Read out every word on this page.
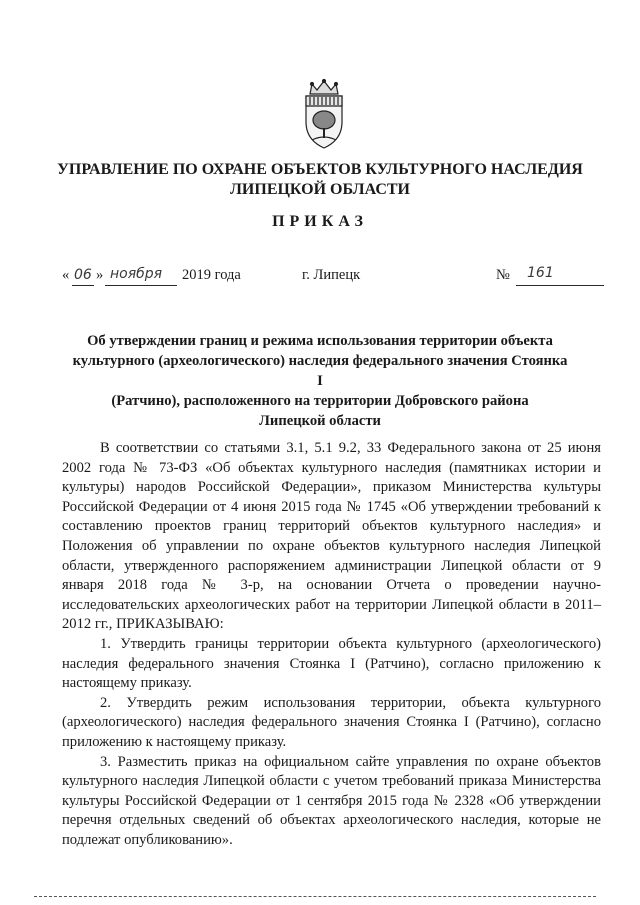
УПРАВЛЕНИЕ ПО ОХРАНЕ ОБЪЕКТОВ КУЛЬТУРНОГО НАСЛЕДИЯ
ЛИПЕЦКОЙ ОБЛАСТИ
ПРИКАЗ
« 06 » ноября 2019 года	г. Липецк	№ 161
Об утверждении границ и режима использования территории объекта
культурного (археологического) наследия федерального значения Стоянка I
(Ратчино), расположенного на территории Добровского района
Липецкой области

В соответствии со статьями 3.1, 5.1 9.2, 33 Федерального закона от 25 июня 2002 года № 73-ФЗ «Об объектах культурного наследия (памятниках истории и культуры) народов Российской Федерации», приказом Министерства культуры Российской Федерации от 4 июня 2015 года № 1745 «Об утверждении требований к составлению проектов границ территорий объектов культурного наследия» и Положения об управлении по охране объектов культурного наследия Липецкой области, утвержденного распоряжением администрации Липецкой области от 9 января 2018 года № 3-р, на основании Отчета о проведении научно-исследовательских археологических работ на территории Липецкой области в 2011–2012 гг., ПРИКАЗЫВАЮ:

1. Утвердить границы территории объекта культурного (археологического) наследия федерального значения Стоянка I (Ратчино), согласно приложению к настоящему приказу.

2. Утвердить режим использования территории, объекта культурного (археологического) наследия федерального значения Стоянка I (Ратчино), согласно приложению к настоящему приказу.

3. Разместить приказ на официальном сайте управления по охране объектов культурного наследия Липецкой области с учетом требований приказа Министерства культуры Российской Федерации от 1 сентября 2015 года № 2328 «Об утверждении перечня отдельных сведений об объектах археологического наследия, которые не подлежат опубликованию».
